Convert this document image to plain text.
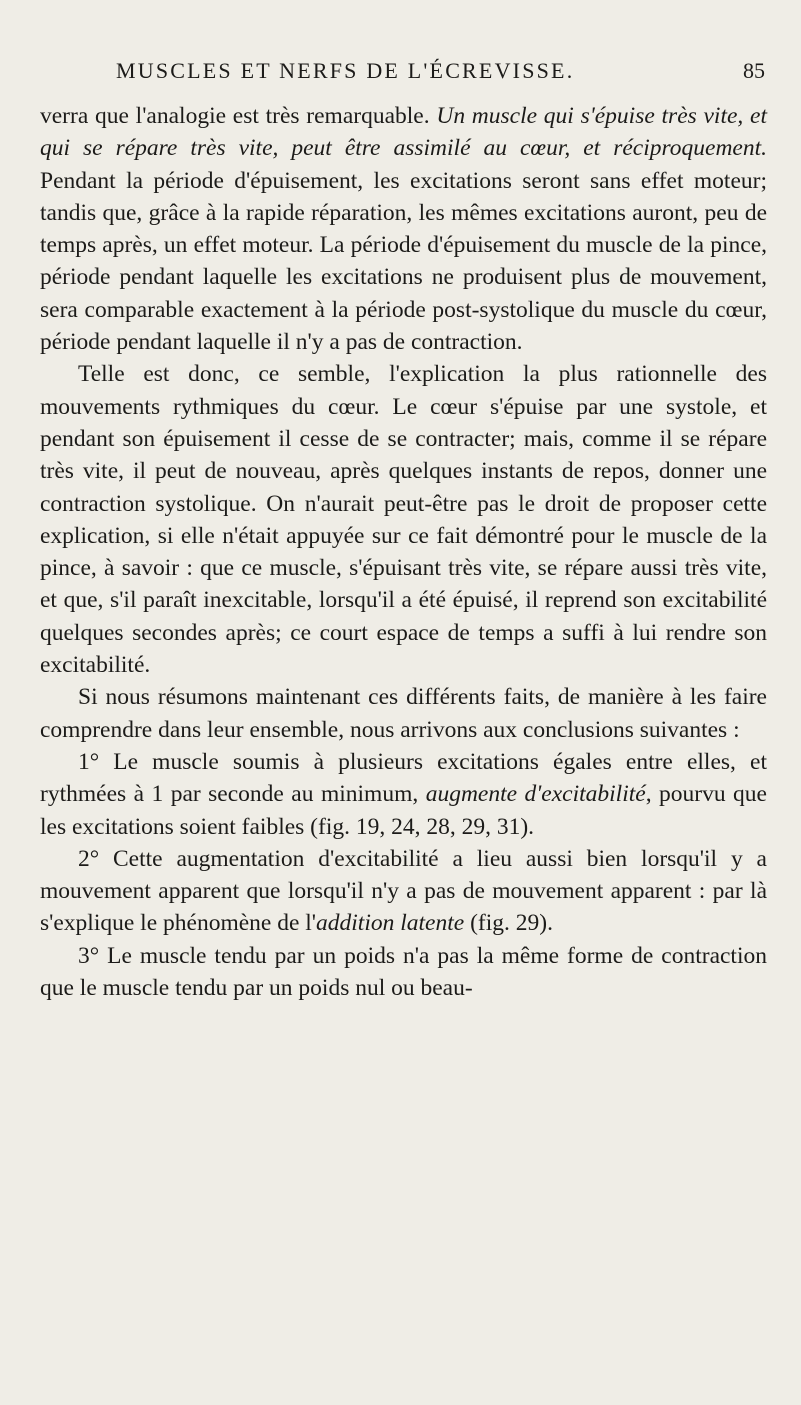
MUSCLES ET NERFS DE L'ÉCREVISSE.	85

verra que l'analogie est très remarquable. Un muscle qui s'épuise très vite, et qui se répare très vite, peut être assimilé au cœur, et réciproquement. Pendant la période d'épuisement, les excitations seront sans effet moteur; tandis que, grâce à la rapide réparation, les mêmes excitations auront, peu de temps après, un effet moteur. La période d'épuisement du muscle de la pince, période pendant laquelle les excitations ne produisent plus de mouvement, sera comparable exactement à la période post-systolique du muscle du cœur, période pendant laquelle il n'y a pas de contraction.

Telle est donc, ce semble, l'explication la plus rationnelle des mouvements rythmiques du cœur. Le cœur s'épuise par une systole, et pendant son épuisement il cesse de se contracter; mais, comme il se répare très vite, il peut de nouveau, après quelques instants de repos, donner une contraction systolique. On n'aurait peut-être pas le droit de proposer cette explication, si elle n'était appuyée sur ce fait démontré pour le muscle de la pince, à savoir : que ce muscle, s'épuisant très vite, se répare aussi très vite, et que, s'il paraît inexcitable, lorsqu'il a été épuisé, il reprend son excitabilité quelques secondes après; ce court espace de temps a suffi à lui rendre son excitabilité.

Si nous résumons maintenant ces différents faits, de manière à les faire comprendre dans leur ensemble, nous arrivons aux conclusions suivantes :

1° Le muscle soumis à plusieurs excitations égales entre elles, et rythmées à 1 par seconde au minimum, augmente d'excitabilité, pourvu que les excitations soient faibles (fig. 19, 24, 28, 29, 31).

2° Cette augmentation d'excitabilité a lieu aussi bien lorsqu'il y a mouvement apparent que lorsqu'il n'y a pas de mouvement apparent : par là s'explique le phénomène de l'addition latente (fig. 29).

3° Le muscle tendu par un poids n'a pas la même forme de contraction que le muscle tendu par un poids nul ou beau-
